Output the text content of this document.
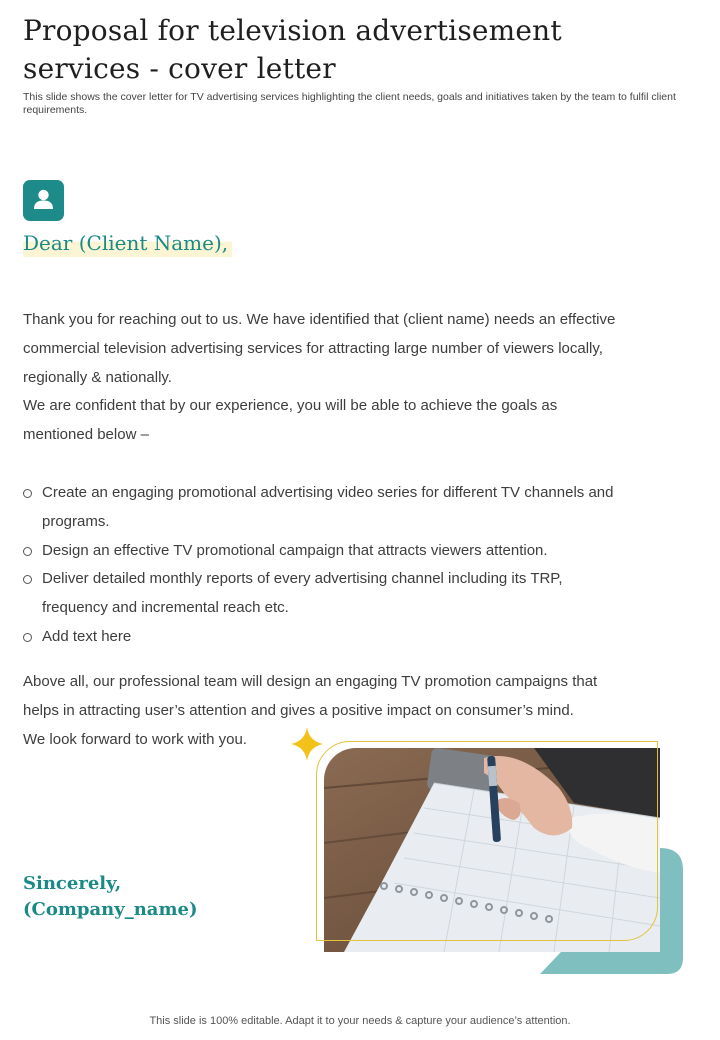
Proposal for television advertisement services - cover letter

This slide shows the cover letter for TV advertising services highlighting the client needs, goals and initiatives taken by the team to fulfil client requirements.

Dear (Client Name),
Thank you for reaching out to us. We have identified that (client name) needs an effective
commercial television advertising services for attracting large number of viewers locally,
regionally & nationally.
We are confident that by our experience, you will be able to achieve the goals as
mentioned below –
Create an engaging promotional advertising video series for different TV channels and
programs.
Design an effective TV promotional campaign that attracts viewers attention.
Deliver detailed monthly reports of every advertising channel including its TRP,
frequency and incremental reach etc.
Add text here
Above all, our professional team will design an engaging TV promotion campaigns that
helps in attracting user’s attention and gives a positive impact on consumer’s mind.
We look forward to work with you.
Sincerely,
(Company_name)
This slide is 100% editable. Adapt it to your needs & capture your audience’s attention.
